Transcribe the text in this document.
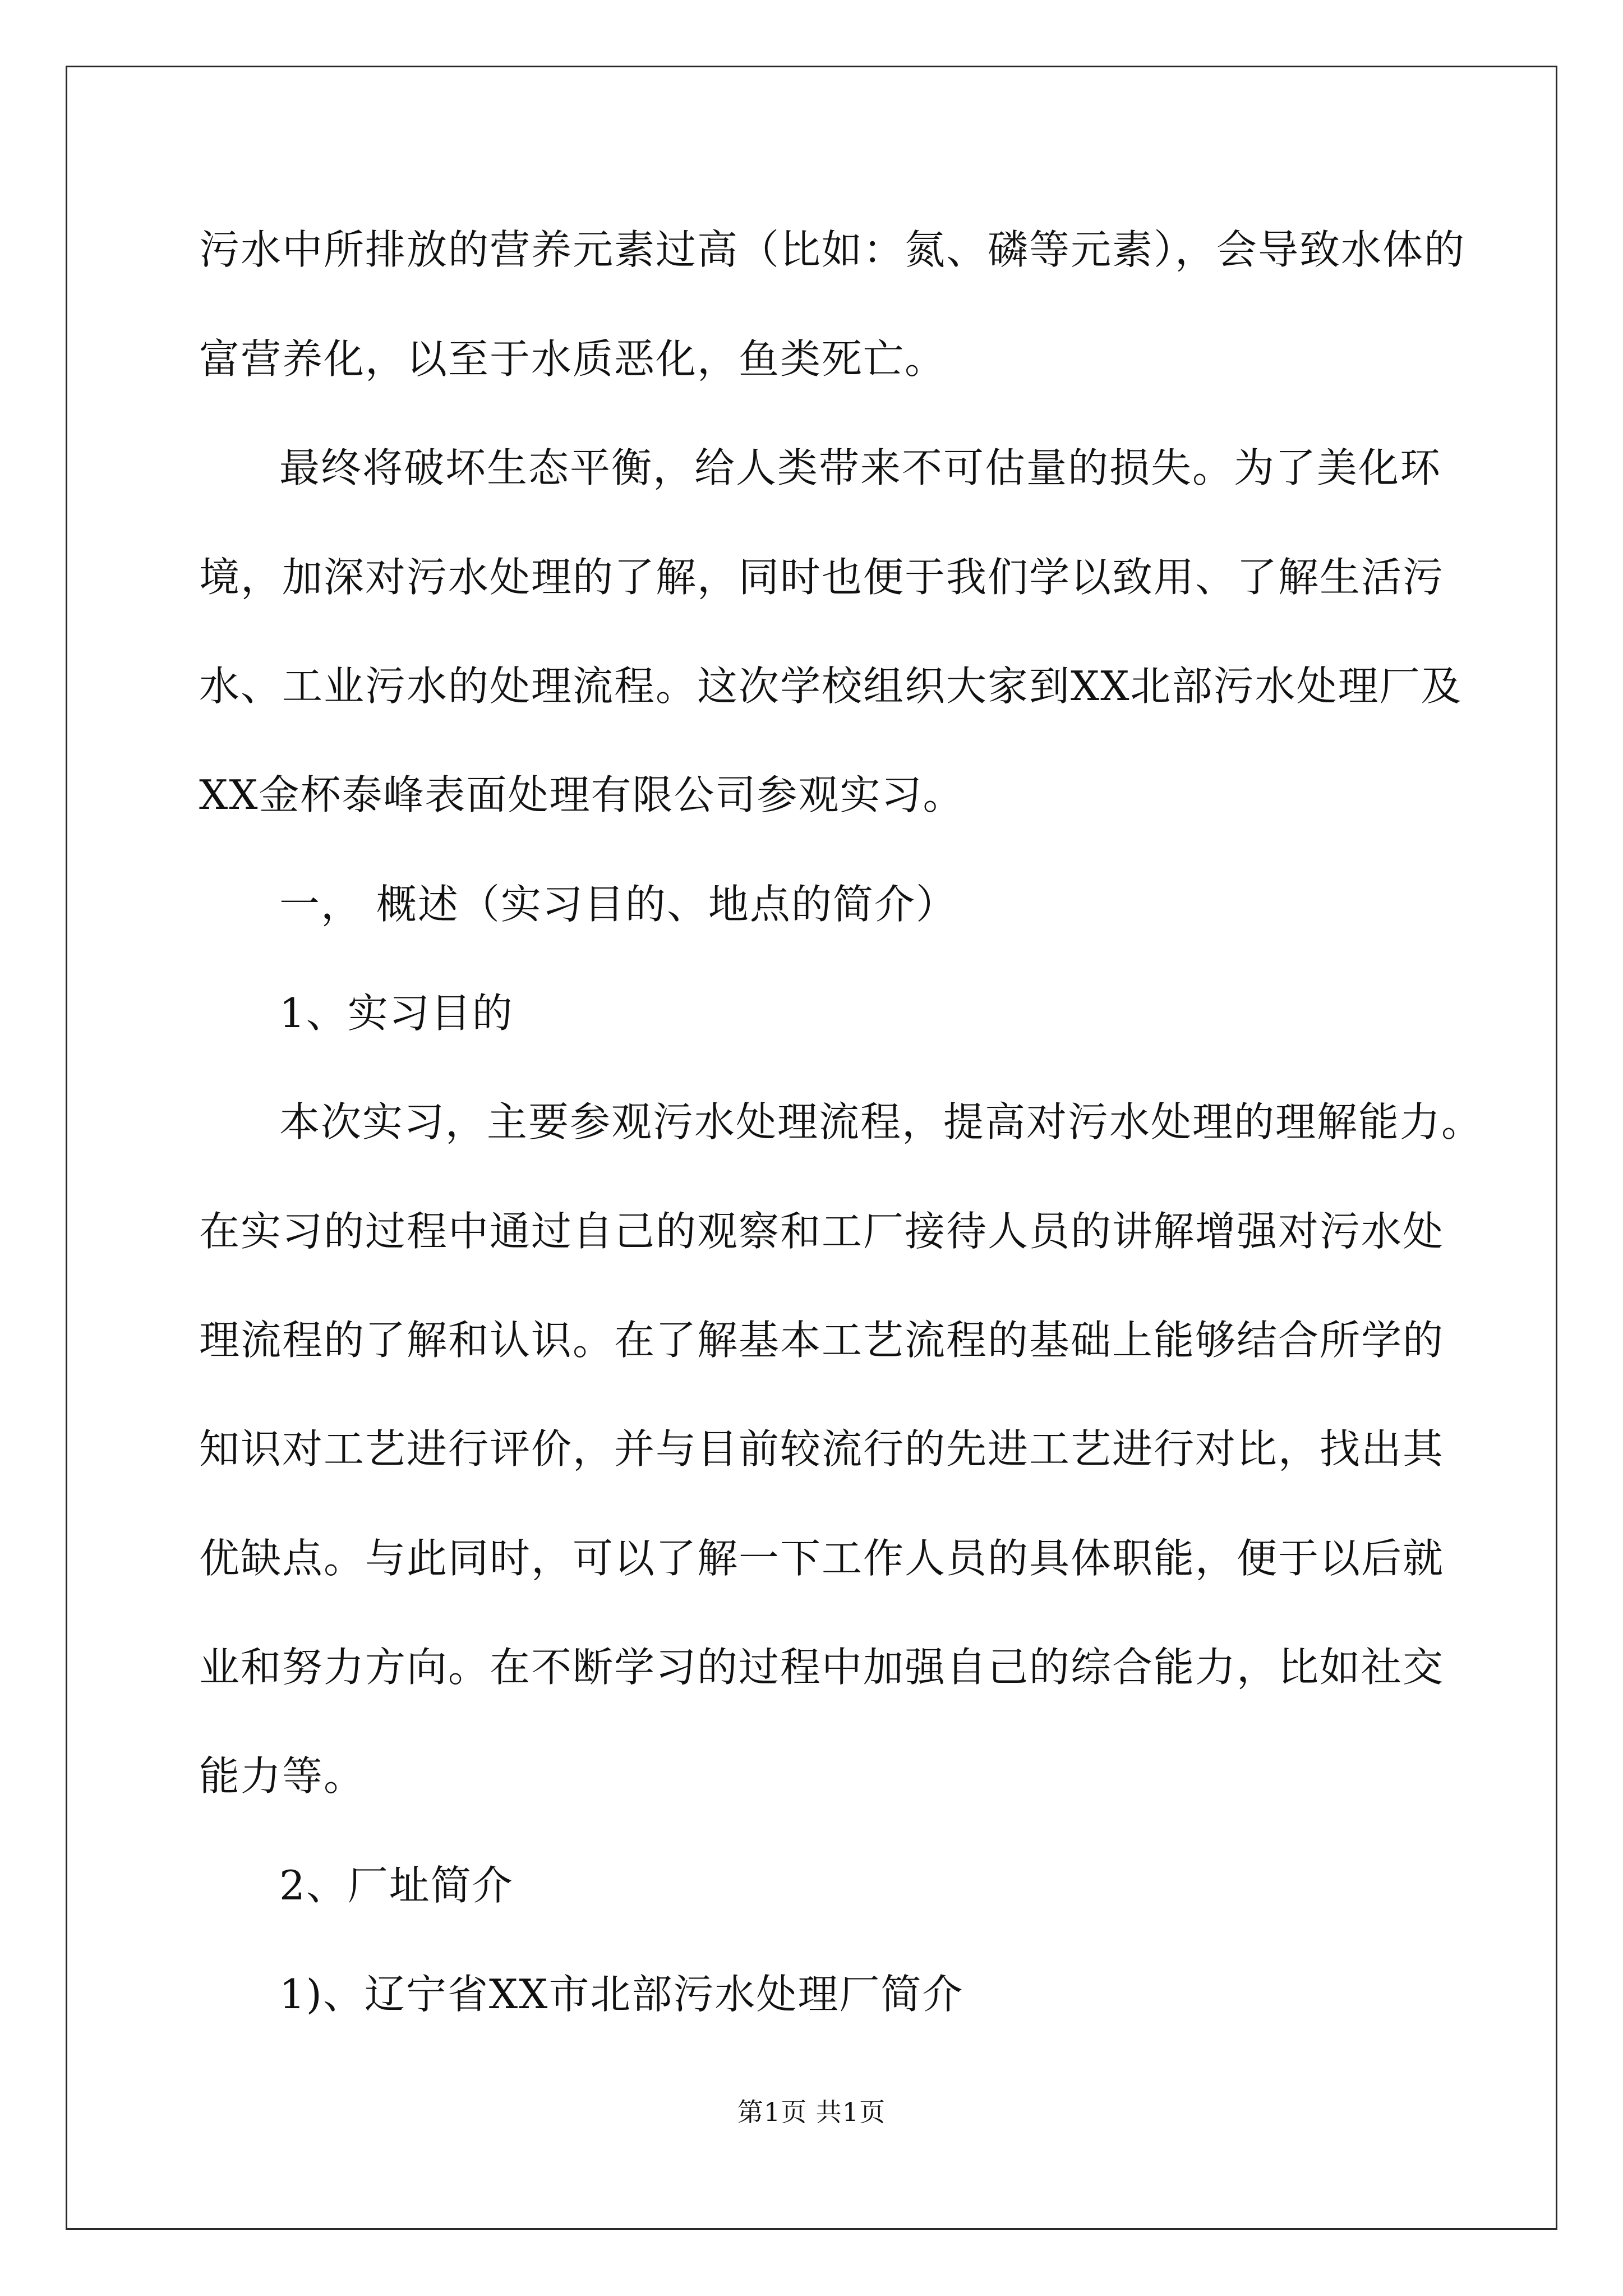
污水中所排放的营养元素过高（比如：氮、磷等元素），会导致水体的
富营养化，以至于水质恶化，鱼类死亡。
最终将破坏生态平衡，给人类带来不可估量的损失。为了美化环
境，加深对污水处理的了解，同时也便于我们学以致用、了解生活污
水、工业污水的处理流程。这次学校组织大家到XX北部污水处理厂及
XX金杯泰峰表面处理有限公司参观实习。
一， 概述（实习目的、地点的简介）
1、实习目的
本次实习，主要参观污水处理流程，提高对污水处理的理解能力。
在实习的过程中通过自己的观察和工厂接待人员的讲解增强对污水处
理流程的了解和认识。在了解基本工艺流程的基础上能够结合所学的
知识对工艺进行评价，并与目前较流行的先进工艺进行对比，找出其
优缺点。与此同时，可以了解一下工作人员的具体职能，便于以后就
业和努力方向。在不断学习的过程中加强自己的综合能力，比如社交
能力等。
2、厂址简介
1)、辽宁省XX市北部污水处理厂简介
第1页 共1页
